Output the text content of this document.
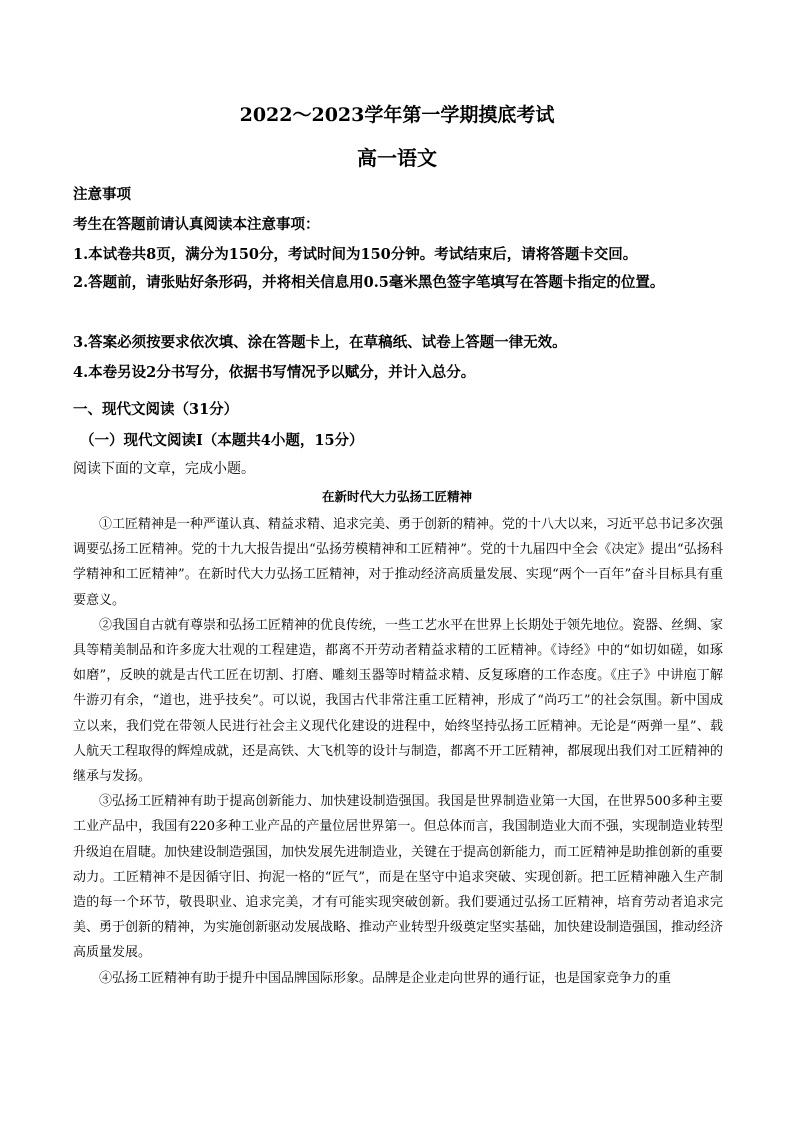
2022～2023学年第一学期摸底考试
高一语文
注意事项
考生在答题前请认真阅读本注意事项：
1.本试卷共8页，满分为150分，考试时间为150分钟。考试结束后，请将答题卡交回。
2.答题前，请张贴好条形码，并将相关信息用0.5毫米黑色签字笔填写在答题卡指定的位置。
3.答案必须按要求依次填、涂在答题卡上，在草稿纸、试卷上答题一律无效。
4.本卷另设2分书写分，依据书写情况予以赋分，并计入总分。
一、现代文阅读（31分）
（一）现代文阅读Ⅰ（本题共4小题，15分）
阅读下面的文章，完成小题。
在新时代大力弘扬工匠精神

①工匠精神是一种严谨认真、精益求精、追求完美、勇于创新的精神。党的十八大以来，习近平总书记多次强调要弘扬工匠精神。党的十九大报告提出“弘扬劳模精神和工匠精神”。党的十九届四中全会《决定》提出“弘扬科学精神和工匠精神”。在新时代大力弘扬工匠精神，对于推动经济高质量发展、实现“两个一百年”奋斗目标具有重要意义。

②我国自古就有尊崇和弘扬工匠精神的优良传统，一些工艺水平在世界上长期处于领先地位。瓷器、丝绸、家具等精美制品和许多庞大壮观的工程建造，都离不开劳动者精益求精的工匠精神。《诗经》中的“如切如磋，如琢如磨”，反映的就是古代工匠在切割、打磨、雕刻玉器等时精益求精、反复琢磨的工作态度。《庄子》中讲庖丁解牛游刃有余，“道也，进乎技矣”。可以说，我国古代非常注重工匠精神，形成了“尚巧工”的社会氛围。新中国成立以来，我们党在带领人民进行社会主义现代化建设的进程中，始终坚持弘扬工匠精神。无论是“两弹一星”、载人航天工程取得的辉煌成就，还是高铁、大飞机等的设计与制造，都离不开工匠精神，都展现出我们对工匠精神的继承与发扬。

③弘扬工匠精神有助于提高创新能力、加快建设制造强国。我国是世界制造业第一大国，在世界500多种主要工业产品中，我国有220多种工业产品的产量位居世界第一。但总体而言，我国制造业大而不强，实现制造业转型升级迫在眉睫。加快建设制造强国，加快发展先进制造业，关键在于提高创新能力，而工匠精神是助推创新的重要动力。工匠精神不是因循守旧、拘泥一格的“匠气”，而是在坚守中追求突破、实现创新。把工匠精神融入生产制造的每一个环节，敬畏职业、追求完美，才有可能实现突破创新。我们要通过弘扬工匠精神，培育劳动者追求完美、勇于创新的精神，为实施创新驱动发展战略、推动产业转型升级奠定坚实基础，加快建设制造强国，推动经济高质量发展。

④弘扬工匠精神有助于提升中国品牌国际形象。品牌是企业走向世界的通行证，也是国家竞争力的重
